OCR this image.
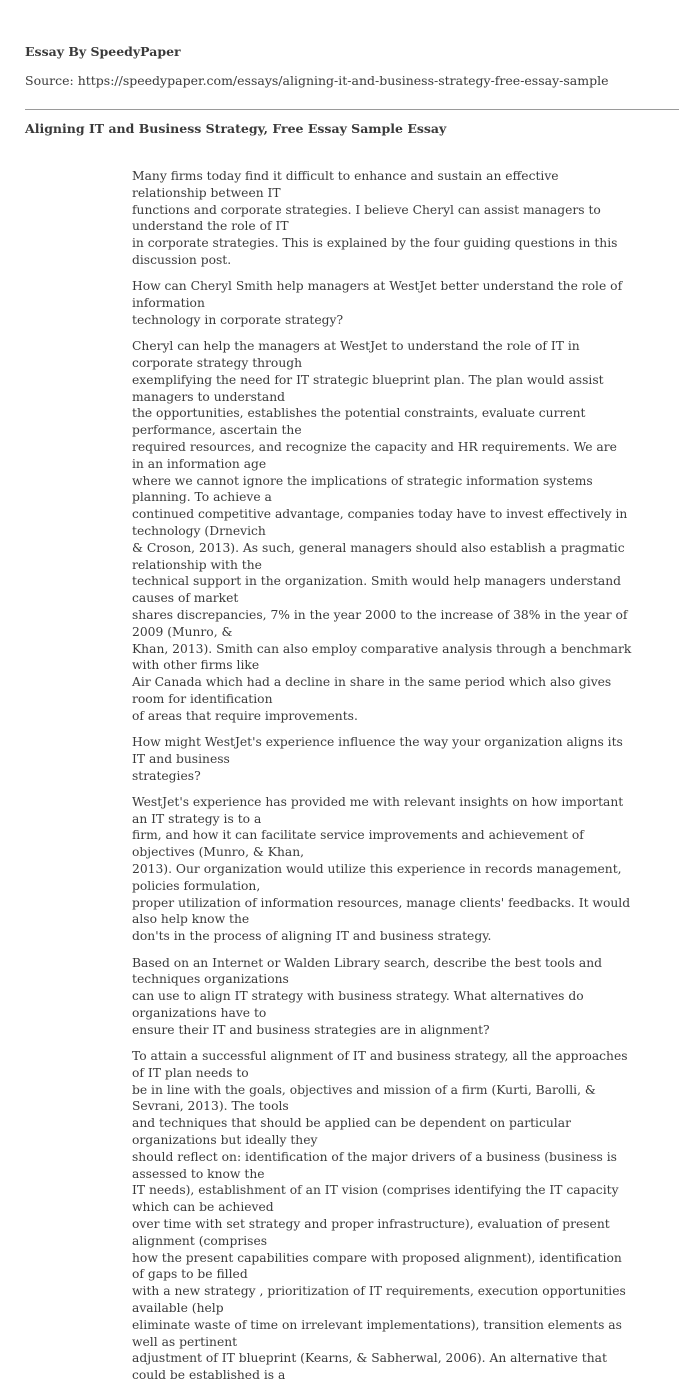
Essay By SpeedyPaper
Source: https://speedypaper.com/essays/aligning-it-and-business-strategy-free-essay-sample
Aligning IT and Business Strategy, Free Essay Sample Essay

Many firms today find it difficult to enhance and sustain an effective relationship between IT
functions and corporate strategies. I believe Cheryl can assist managers to understand the role of IT
in corporate strategies. This is explained by the four guiding questions in this discussion post.

How can Cheryl Smith help managers at WestJet better understand the role of information
technology in corporate strategy?

Cheryl can help the managers at WestJet to understand the role of IT in corporate strategy through
exemplifying the need for IT strategic blueprint plan. The plan would assist managers to understand
the opportunities, establishes the potential constraints, evaluate current performance, ascertain the
required resources, and recognize the capacity and HR requirements. We are in an information age
where we cannot ignore the implications of strategic information systems planning. To achieve a
continued competitive advantage, companies today have to invest effectively in technology (Drnevich
& Croson, 2013). As such, general managers should also establish a pragmatic relationship with the
technical support in the organization. Smith would help managers understand causes of market
shares discrepancies, 7% in the year 2000 to the increase of 38% in the year of 2009 (Munro, &
Khan, 2013). Smith can also employ comparative analysis through a benchmark with other firms like
Air Canada which had a decline in share in the same period which also gives room for identification
of areas that require improvements.

How might WestJet's experience influence the way your organization aligns its IT and business
strategies?

WestJet's experience has provided me with relevant insights on how important an IT strategy is to a
firm, and how it can facilitate service improvements and achievement of objectives (Munro, & Khan,
2013). Our organization would utilize this experience in records management, policies formulation,
proper utilization of information resources, manage clients' feedbacks. It would also help know the
don'ts in the process of aligning IT and business strategy.

Based on an Internet or Walden Library search, describe the best tools and techniques organizations
can use to align IT strategy with business strategy. What alternatives do organizations have to
ensure their IT and business strategies are in alignment?

To attain a successful alignment of IT and business strategy, all the approaches of IT plan needs to
be in line with the goals, objectives and mission of a firm (Kurti, Barolli, & Sevrani, 2013). The tools
and techniques that should be applied can be dependent on particular organizations but ideally they
should reflect on: identification of the major drivers of a business (business is assessed to know the
IT needs), establishment of an IT vision (comprises identifying the IT capacity which can be achieved
over time with set strategy and proper infrastructure), evaluation of present alignment (comprises
how the present capabilities compare with proposed alignment), identification of gaps to be filled
with a new strategy , prioritization of IT requirements, execution opportunities available (help
eliminate waste of time on irrelevant implementations), transition elements as well as pertinent
adjustment of IT blueprint (Kearns, & Sabherwal, 2006). An alternative that could be established is a
